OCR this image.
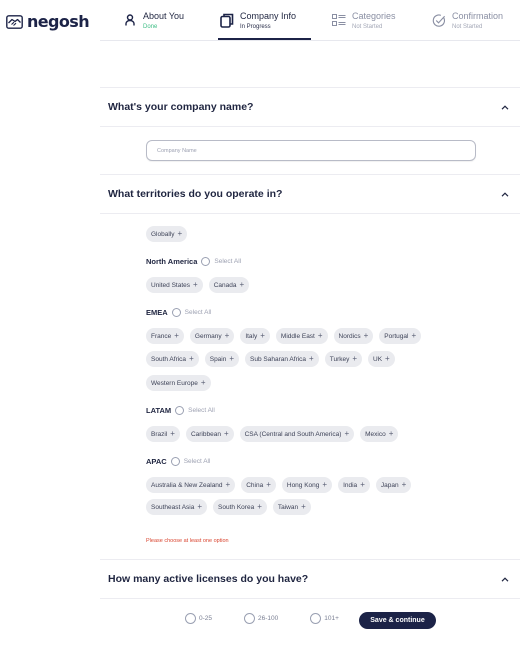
negosh	About You
Done
Company Info
In Progress
Categories
Not Started
Confirmation
Not Started
What's your company name?
Company Name
What territories do you operate in?
Globally +
North America	Select All
United States + Canada +
EMEA	Select All
France + Germany + Italy + Middle East + Nordics + Portugal +
South Africa + Spain + Sub Saharan Africa + Turkey + UK +
Western Europe +
LATAM	Select All
Brazil + Caribbean + CSA (Central and South America) + Mexico +
APAC	Select All
Australia & New Zealand + China + Hong Kong + India + Japan +
Southeast Asia + South Korea + Taiwan +
Please choose at least one option
How many active licenses do you have?
0-25	26-100	101+	Save & continue
